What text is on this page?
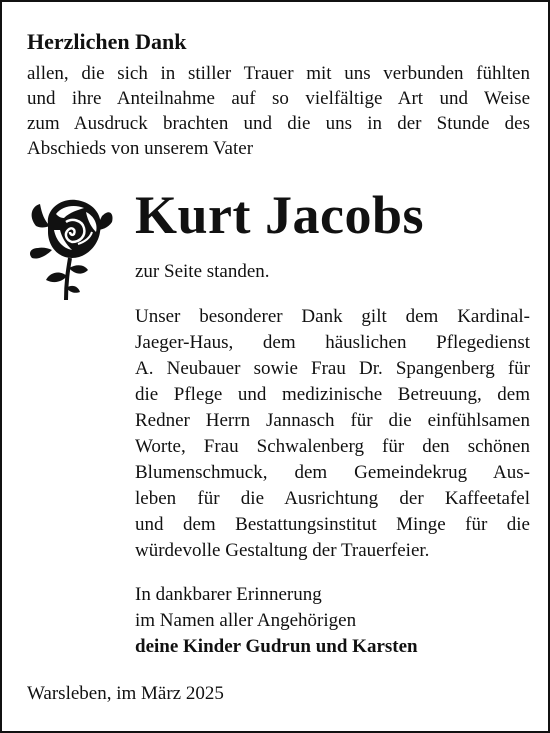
Herzlichen Dank
allen, die sich in stiller Trauer mit uns verbunden fühlten
und ihre Anteilnahme auf so vielfältige Art und Weise
zum Ausdruck brachten und die uns in der Stunde des
Abschieds von unserem Vater
Kurt Jacobs
zur Seite standen.
Unser besonderer Dank gilt dem Kardinal-
Jaeger-Haus, dem häuslichen Pflegedienst
A. Neubauer sowie Frau Dr. Spangenberg für
die Pflege und medizinische Betreuung, dem
Redner Herrn Jannasch für die einfühlsamen
Worte, Frau Schwalenberg für den schönen
Blumenschmuck, dem Gemeindekrug Aus-
leben für die Ausrichtung der Kaffeetafel
und dem Bestattungsinstitut Minge für die
würdevolle Gestaltung der Trauerfeier.
In dankbarer Erinnerung
im Namen aller Angehörigen
deine Kinder Gudrun und Karsten
Warsleben, im März 2025
